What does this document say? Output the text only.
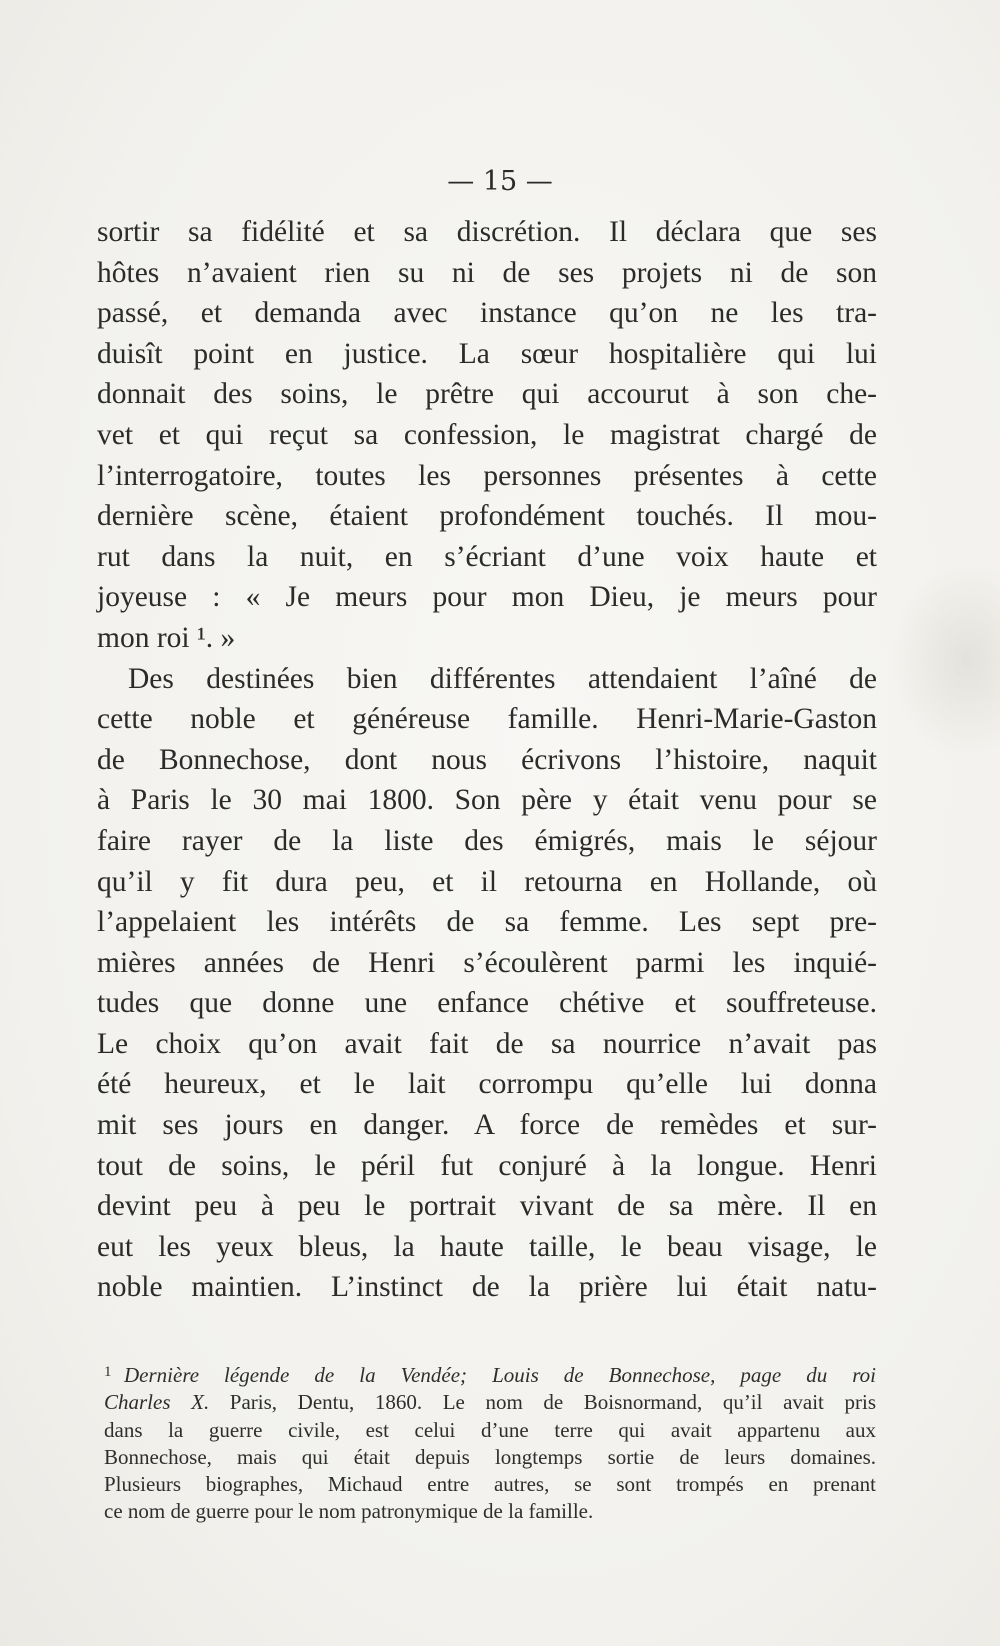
— 15 —
sortir sa fidélité et sa discrétion. Il déclara que ses
hôtes n’avaient rien su ni de ses projets ni de son
passé, et demanda avec instance qu’on ne les tra-
duisît point en justice. La sœur hospitalière qui lui
donnait des soins, le prêtre qui accourut à son che-
vet et qui reçut sa confession, le magistrat chargé de
l’interrogatoire, toutes les personnes présentes à cette
dernière scène, étaient profondément touchés. Il mou-
rut dans la nuit, en s’écriant d’une voix haute et
joyeuse : « Je meurs pour mon Dieu, je meurs pour
mon roi ¹. »
Des destinées bien différentes attendaient l’aîné de
cette noble et généreuse famille. Henri-Marie-Gaston
de Bonnechose, dont nous écrivons l’histoire, naquit
à Paris le 30 mai 1800. Son père y était venu pour se
faire rayer de la liste des émigrés, mais le séjour
qu’il y fit dura peu, et il retourna en Hollande, où
l’appelaient les intérêts de sa femme. Les sept pre-
mières années de Henri s’écoulèrent parmi les inquié-
tudes que donne une enfance chétive et souffreteuse.
Le choix qu’on avait fait de sa nourrice n’avait pas
été heureux, et le lait corrompu qu’elle lui donna
mit ses jours en danger. A force de remèdes et sur-
tout de soins, le péril fut conjuré à la longue. Henri
devint peu à peu le portrait vivant de sa mère. Il en
eut les yeux bleus, la haute taille, le beau visage, le
noble maintien. L’instinct de la prière lui était natu-
1 Dernière légende de la Vendée; Louis de Bonnechose, page du roi
Charles X. Paris, Dentu, 1860. Le nom de Boisnormand, qu’il avait pris
dans la guerre civile, est celui d’une terre qui avait appartenu aux
Bonnechose, mais qui était depuis longtemps sortie de leurs domaines.
Plusieurs biographes, Michaud entre autres, se sont trompés en prenant
ce nom de guerre pour le nom patronymique de la famille.
